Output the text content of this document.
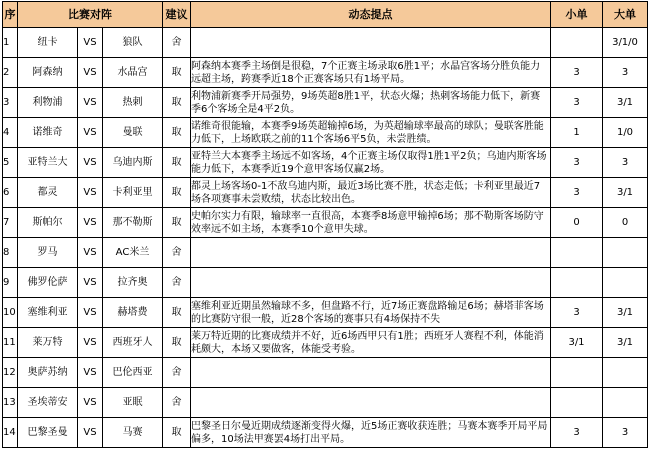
序	比赛对阵			建议	动态提点	小单	大单
1	纽卡	VS	狼队	舍			3/1/0
2	阿森纳	VS	水晶宫	取	阿森纳本赛季主场倒是很稳，7个正赛主场录取6胜1平；水晶宫客场分胜负能力远超主场，跨赛季近18个正赛客场只有1场平局。	3	3
3	利物浦	VS	热刺	取	利物浦新赛季开局强势，9场英超8胜1平，状态火爆；热刺客场能力低下，新赛季6个客场全是4平2负。	3	3/1
4	诺维奇	VS	曼联	取	诺维奇很能输，本赛季9场英超输掉6场，为英超输球率最高的球队；曼联客胜能力低下，上场欧联之前的11个客场6平5负，未尝胜绩。	1	1/0
5	亚特兰大	VS	乌迪内斯	取	亚特兰大本赛季主场远不如客场，4个正赛主场仅取得1胜1平2负；乌迪内斯客场能力低下，本赛季近19个意甲客场仅赢2场。	3	3
6	都灵	VS	卡利亚里	取	都灵上场客场0-1不敌乌迪内斯，最近3场比赛不胜，状态走低；卡利亚里最近7场各项赛事未尝败绩，状态比较出色。	3	3/1
7	斯帕尔	VS	那不勒斯	取	史帕尔实力有限，输球率一直很高，本赛季8场意甲输掉6场；那不勒斯客场防守效率远不如主场，本赛季10个意甲失球。	0	0
8	罗马	VS	AC米兰	舍			
9	佛罗伦萨	VS	拉齐奥	舍			
10	塞维利亚	VS	赫塔费	取	塞维利亚近期虽然输球不多，但盘路不行，近7场正赛盘路输足6场；赫塔菲客场的比赛防守很一般，近28个客场的赛事只有4场保持不失	3	3/1
11	莱万特	VS	西班牙人	取	莱万特近期的比赛成绩并不好，近6场西甲只有1胜；西班牙人赛程不利，体能消耗颇大，本场又要做客，体能受考验。	3/1	3/1
12	奥萨苏纳	VS	巴伦西亚	舍			
13	圣埃蒂安	VS	亚眠	舍			
14	巴黎圣曼	VS	马赛	取	巴黎圣日尔曼近期成绩逐渐变得火爆，近5场正赛收获连胜；马赛本赛季开局平局偏多，10场法甲赛罢4场打出平局。	3	3
